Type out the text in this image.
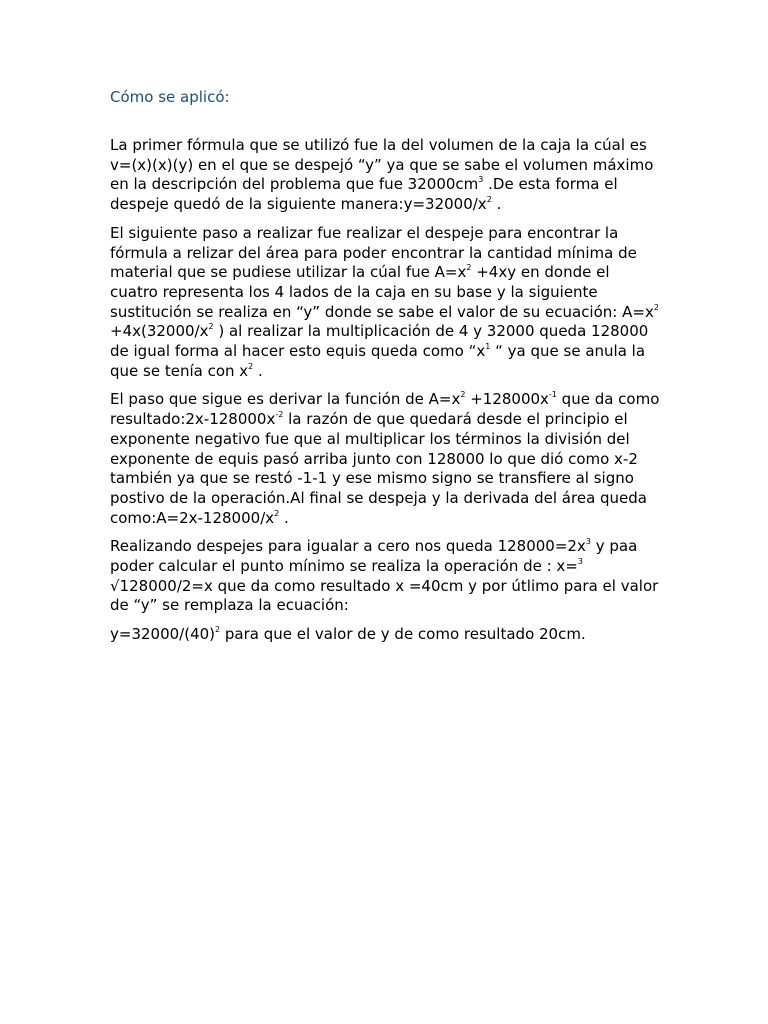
Cómo se aplicó:

La primer fórmula que se utilizó fue la del volumen de la caja la cúal es v=(x)(x)(y) en el que se despejó “y” ya que se sabe el volumen máximo en la descripción del problema que fue $32000cm^3$ .De esta forma el despeje quedó de la siguiente $manera:y=32000/x^2$ .

El siguiente paso a realizar fue realizar el despeje para encontrar la fórmula a relizar del área para poder encontrar la cantidad mínima de material que se pudiese utilizar la cúal fue $A=x^2 +4xy$ en donde el cuatro representa los 4 lados de la caja en su base y la siguiente sustitución se realiza en “y” donde se sabe el valor de su ecuación: $A=x^2 +4x(32000/x^2$ ) al realizar la multiplicación de 4 y 32000 queda 128000 de igual forma al hacer esto equis queda como “$x^1$ “ ya que se anula la que se tenía con $x^2$ .

El paso que sigue es derivar la función de $A=x^2 +128000x^{-1}$ que da como $resultado:2x-128000x^{-2}$ la razón de que quedará desde el principio el exponente negativo fue que al multiplicar los términos la división del exponente de equis pasó arriba junto con 128000 lo que dió como x-2 también ya que se restó -1-1 y ese mismo signo se transfiere al signo postivo de la operación.Al final se despeja y la derivada del área queda $como:A=2x-128000/x^2$ .

Realizando despejes para igualar a cero nos queda $128000=2x^3$ y paa poder calcular el punto mínimo se realiza la operación de : x=$^3$ √128000/2=x que da como resultado x =40cm y por útlimo para el valor de “y” se remplaza la ecuación:

$y=32000/(40)^2$ para que el valor de y de como resultado 20cm.
